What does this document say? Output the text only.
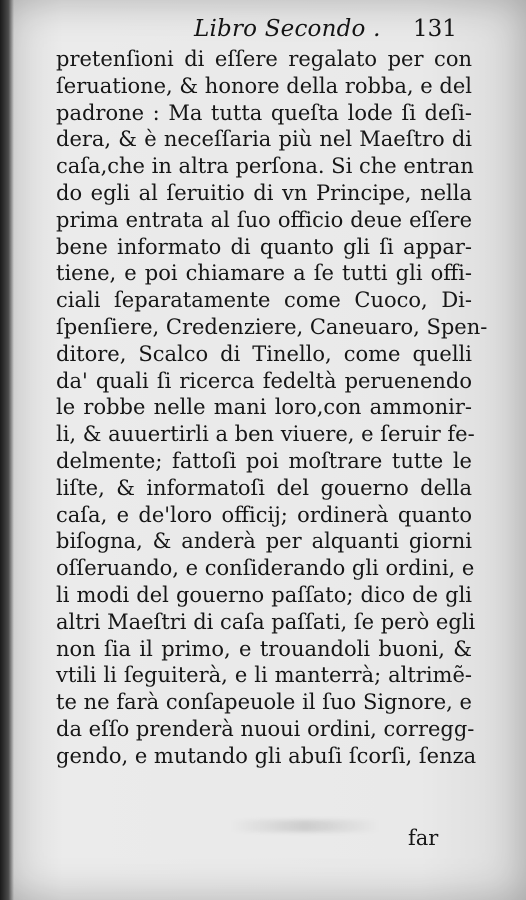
Libro Secondo . 131
pretenſioni di eſſere regalato per con
ſeruatione, & honore della robba, e del
padrone : Ma tutta queſta lode ſi deſi-
dera, & è neceſſaria più nel Maeſtro di
caſa,che in altra perſona. Si che entran
do egli al ſeruitio di vn Principe, nella
prima entrata al ſuo officio deue eſſere
bene informato di quanto gli ſi appar-
tiene, e poi chiamare a ſe tutti gli offi-
ciali ſeparatamente come Cuoco, Di-
ſpenſiere, Credenziere, Caneuaro, Spen-
ditore, Scalco di Tinello, come quelli
da' quali ſi ricerca fedeltà peruenendo
le robbe nelle mani loro,con ammonir-
li, & auuertirli a ben viuere, e ſeruir fe-
delmente; fattoſi poi moſtrare tutte le
liſte, & informatoſi del gouerno della
caſa, e de'loro officij; ordinerà quanto
biſogna, & anderà per alquanti giorni
oſſeruando, e conſiderando gli ordini, e
li modi del gouerno paſſato; dico de gli
altri Maeſtri di caſa paſſati, ſe però egli
non ſia il primo, e trouandoli buoni, &
vtili li ſeguiterà, e li manterrà; altrimẽ-
te ne farà conſapeuole il ſuo Signore, e
da eſſo prenderà nuoui ordini, corregg-
gendo, e mutando gli abuſi ſcorſi, ſenza
far
